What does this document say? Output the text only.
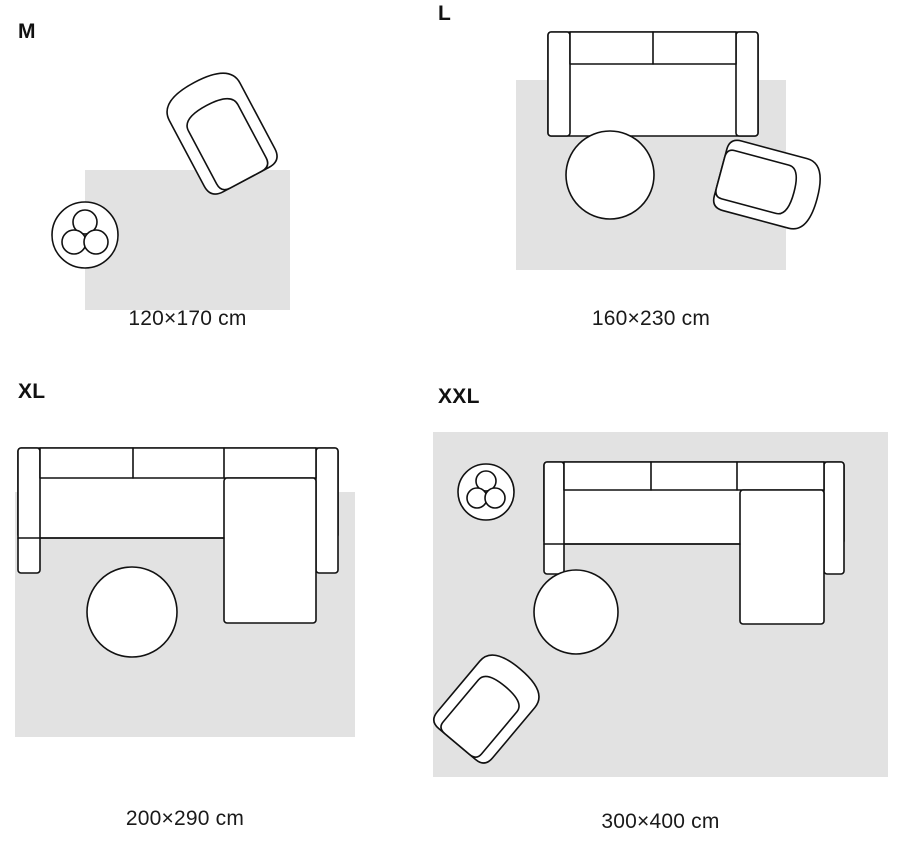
M
120×170 cm
L
160×230 cm
XL
200×290 cm
XXL
300×400 cm
